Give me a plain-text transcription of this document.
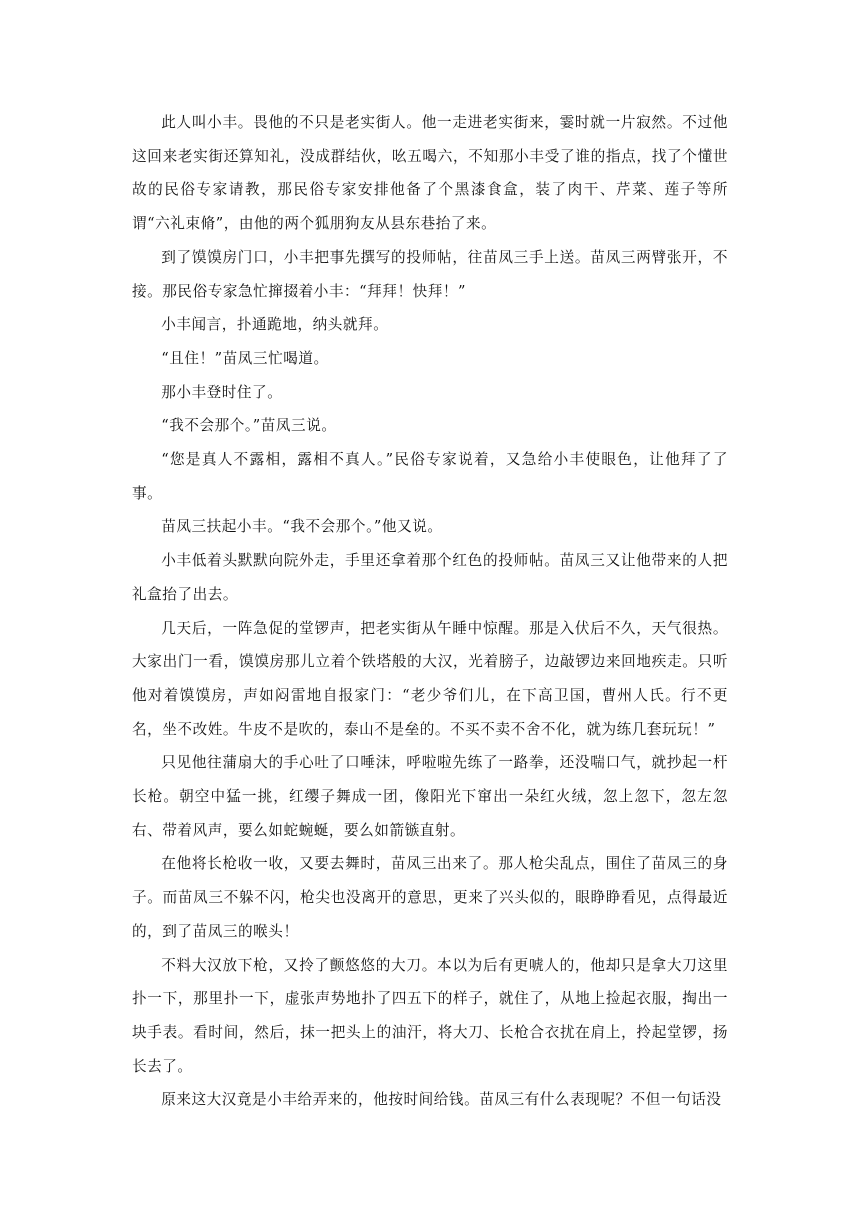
此人叫小丰。畏他的不只是老实街人。他一走进老实街来，霎时就一片寂然。不过他这回来老实街还算知礼，没成群结伙，吆五喝六，不知那小丰受了谁的指点，找了个懂世故的民俗专家请教，那民俗专家安排他备了个黑漆食盒，装了肉干、芹菜、莲子等所谓“六礼束脩”，由他的两个狐朋狗友从县东巷抬了来。

到了馍馍房门口，小丰把事先撰写的投师帖，往苗凤三手上送。苗凤三两臂张开，不接。那民俗专家急忙撺掇着小丰：“拜拜！快拜！”

小丰闻言，扑通跪地，纳头就拜。

“且住！”苗凤三忙喝道。

那小丰登时住了。

“我不会那个。”苗凤三说。

“您是真人不露相，露相不真人。”民俗专家说着，又急给小丰使眼色，让他拜了了事。

苗凤三扶起小丰。“我不会那个。”他又说。

小丰低着头默默向院外走，手里还拿着那个红色的投师帖。苗凤三又让他带来的人把礼盒抬了出去。

几天后，一阵急促的堂锣声，把老实街从午睡中惊醒。那是入伏后不久，天气很热。大家出门一看，馍馍房那儿立着个铁塔般的大汉，光着膀子，边敲锣边来回地疾走。只听他对着馍馍房，声如闷雷地自报家门：“老少爷们儿，在下高卫国，曹州人氏。行不更名，坐不改姓。牛皮不是吹的，泰山不是垒的。不买不卖不舍不化，就为练几套玩玩！”

只见他往蒲扇大的手心吐了口唾沫，呼啦啦先练了一路拳，还没喘口气，就抄起一杆长枪。朝空中猛一挑，红缨子舞成一团，像阳光下窜出一朵红火绒，忽上忽下，忽左忽右、带着风声，要么如蛇蜿蜒，要么如箭镞直射。

在他将长枪收一收，又要去舞时，苗凤三出来了。那人枪尖乱点，围住了苗凤三的身子。而苗凤三不躲不闪，枪尖也没离开的意思，更来了兴头似的，眼睁睁看见，点得最近的，到了苗凤三的喉头！

不料大汉放下枪，又拎了颤悠悠的大刀。本以为后有更唬人的，他却只是拿大刀这里扑一下，那里扑一下，虚张声势地扑了四五下的样子，就住了，从地上捡起衣服，掏出一块手表。看时间，然后，抹一把头上的油汗，将大刀、长枪合衣扰在肩上，拎起堂锣，扬长去了。

原来这大汉竟是小丰给弄来的，他按时间给钱。苗凤三有什么表现呢？不但一句话没
